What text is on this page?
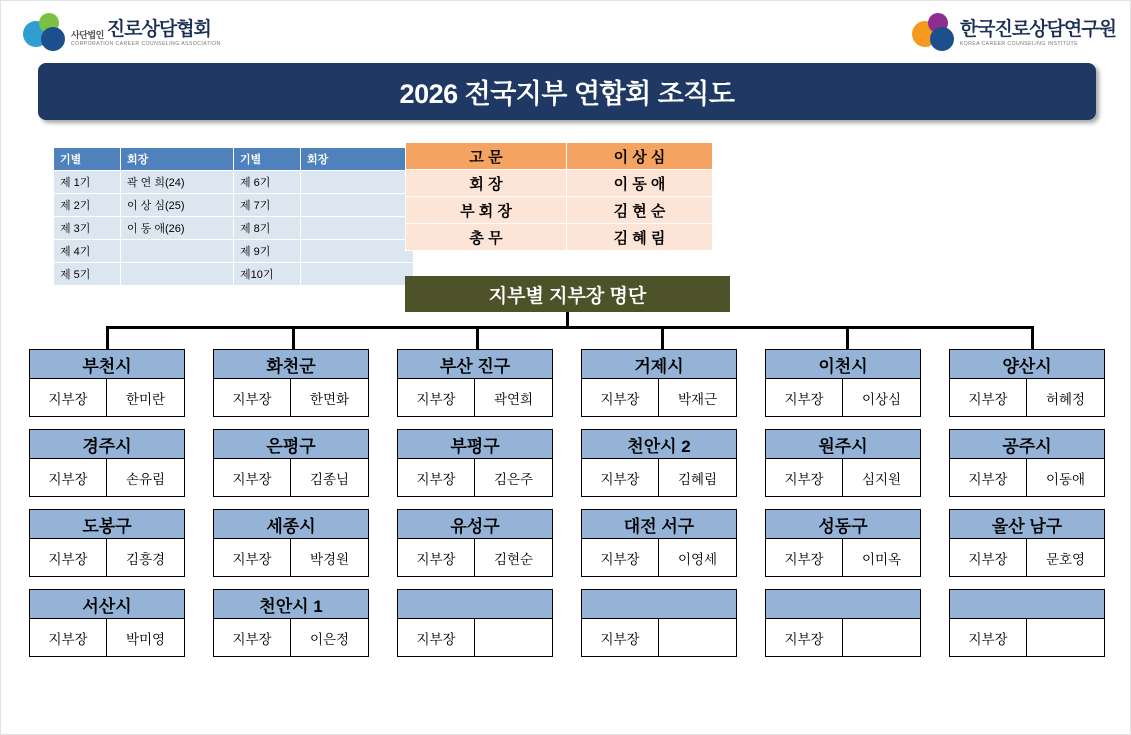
사단법인 진로상담협회
CORPORATION CAREER COUNSELING ASSOCIATION
한국진로상담연구원
KOREA CAREER COUNSELING INSTITUTE
2026 전국지부 연합회 조직도
기별	회장	기별	회장
제 1기	곽 연 희(24)	제 6기	
제 2기	이 상 심(25)	제 7기	
제 3기	이 동 애(26)	제 8기	
제 4기		제 9기	
제 5기		제10기	
고 문	이 상 심
회 장	이 동 애
부 회 장	김 현 순
총 무	김 혜 림
지부별 지부장 명단
부천시
지부장	한미란
화천군
지부장	한면화
부산 진구
지부장	곽연희
거제시
지부장	박재근
이천시
지부장	이상심
양산시
지부장	허혜정
경주시
지부장	손유림
은평구
지부장	김종님
부평구
지부장	김은주
천안시 2
지부장	김혜림
원주시
지부장	심지원
공주시
지부장	이동애
도봉구
지부장	김흥경
세종시
지부장	박경원
유성구
지부장	김현순
대전 서구
지부장	이영세
성동구
지부장	이미옥
울산 남구
지부장	문호영
서산시
지부장	박미영
천안시 1
지부장	이은정	지부장	지부장	지부장	지부장
